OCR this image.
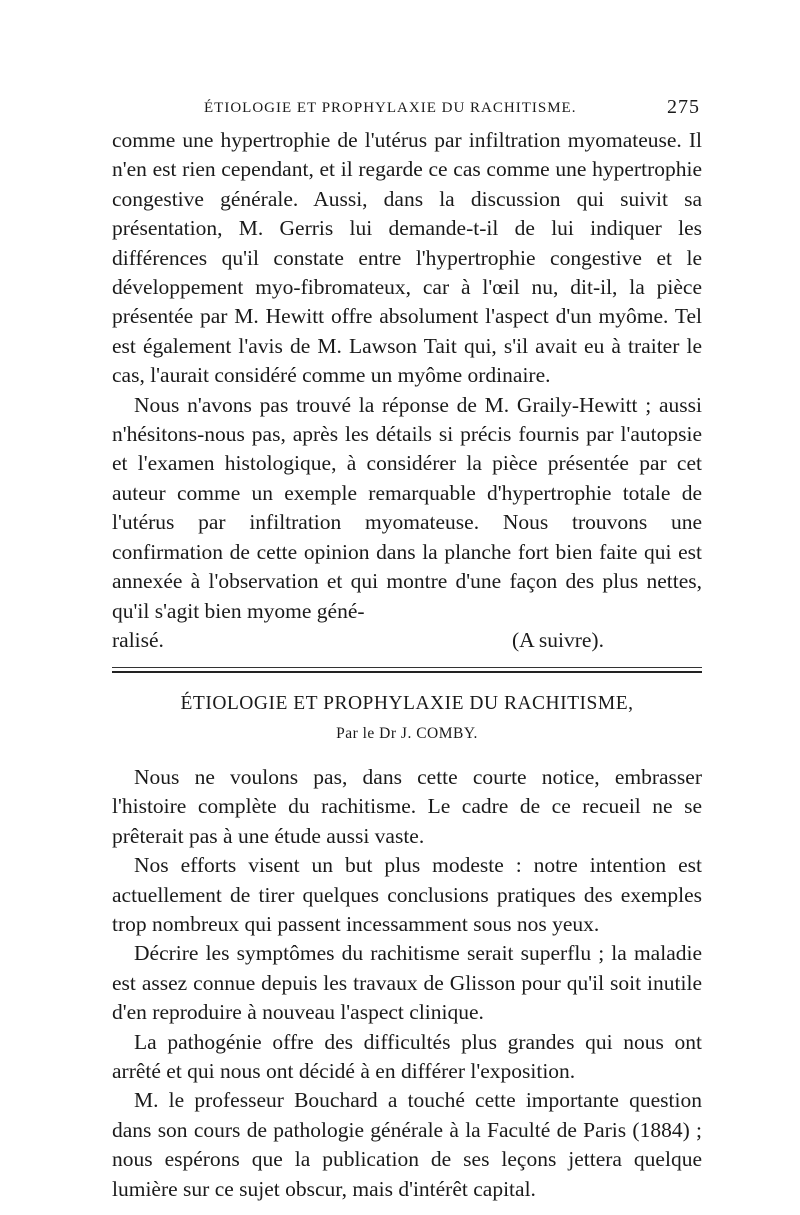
ÉTIOLOGIE ET PROPHYLAXIE DU RACHITISME.	275

comme une hypertrophie de l'utérus par infiltration myomateuse. Il n'en est rien cependant, et il regarde ce cas comme une hypertrophie congestive générale. Aussi, dans la discussion qui suivit sa présentation, M. Gerris lui demande-t-il de lui indiquer les différences qu'il constate entre l'hypertrophie congestive et le développement myo-fibromateux, car à l'œil nu, dit-il, la pièce présentée par M. Hewitt offre absolument l'aspect d'un myôme. Tel est également l'avis de M. Lawson Tait qui, s'il avait eu à traiter le cas, l'aurait considéré comme un myôme ordinaire.

Nous n'avons pas trouvé la réponse de M. Graily-Hewitt ; aussi n'hésitons-nous pas, après les détails si précis fournis par l'autopsie et l'examen histologique, à considérer la pièce présentée par cet auteur comme un exemple remarquable d'hypertrophie totale de l'utérus par infiltration myomateuse. Nous trouvons une confirmation de cette opinion dans la planche fort bien faite qui est annexée à l'observation et qui montre d'une façon des plus nettes, qu'il s'agit bien myome géné-

ralisé.	(A suivre).
ÉTIOLOGIE ET PROPHYLAXIE DU RACHITISME,
Par le Dr J. COMBY.

Nous ne voulons pas, dans cette courte notice, embrasser l'histoire complète du rachitisme. Le cadre de ce recueil ne se prêterait pas à une étude aussi vaste.

Nos efforts visent un but plus modeste : notre intention est actuellement de tirer quelques conclusions pratiques des exemples trop nombreux qui passent incessamment sous nos yeux.

Décrire les symptômes du rachitisme serait superflu ; la maladie est assez connue depuis les travaux de Glisson pour qu'il soit inutile d'en reproduire à nouveau l'aspect clinique.

La pathogénie offre des difficultés plus grandes qui nous ont arrêté et qui nous ont décidé à en différer l'exposition.

M. le professeur Bouchard a touché cette importante question dans son cours de pathologie générale à la Faculté de Paris (1884) ; nous espérons que la publication de ses leçons jettera quelque lumière sur ce sujet obscur, mais d'intérêt capital.
